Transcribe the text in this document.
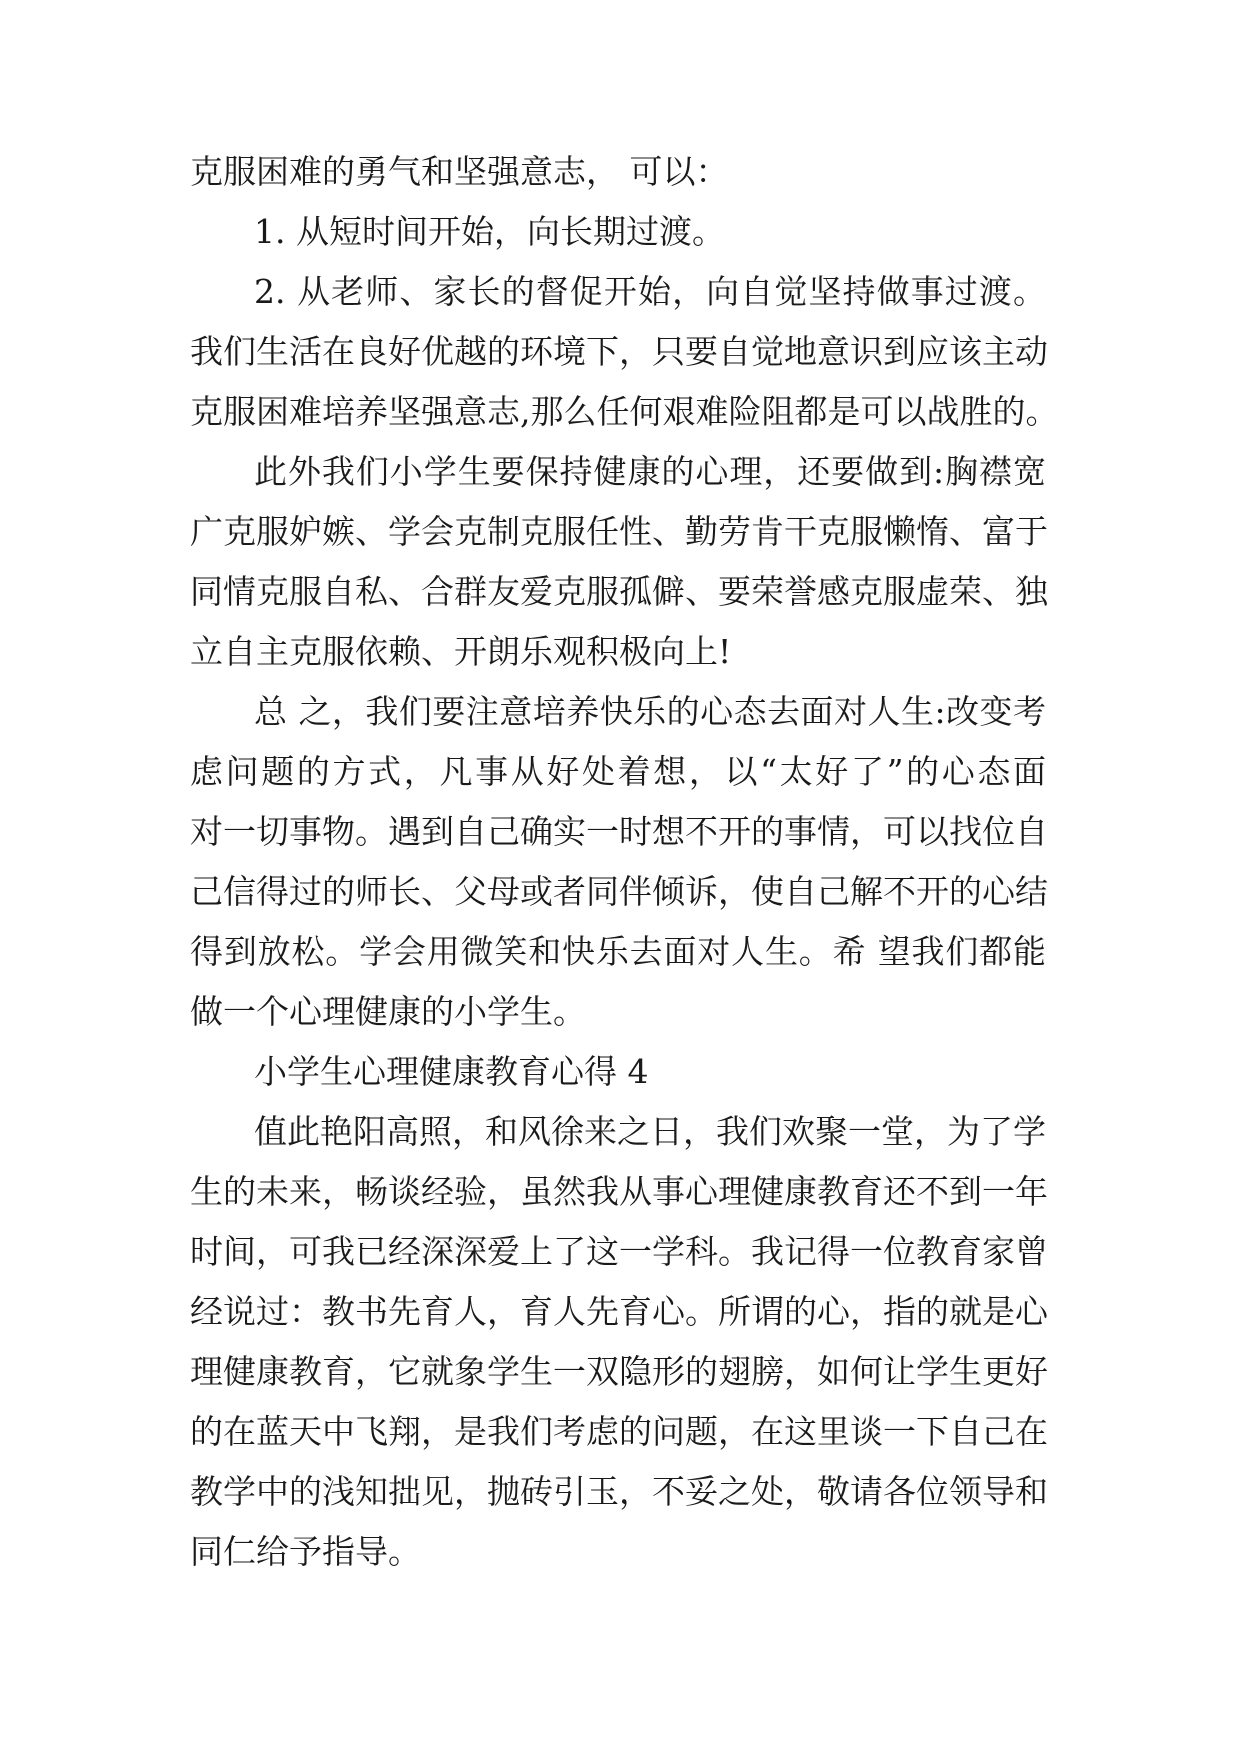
克服困难的勇气和坚强意志， 可以：

1. 从短时间开始，向长期过渡。

2. 从老师、家长的督促开始，向自觉坚持做事过渡。

我们生活在良好优越的环境下，只要自觉地意识到应该主动

克服困难培养坚强意志,那么任何艰难险阻都是可以战胜的。

此外我们小学生要保持健康的心理，还要做到:胸襟宽

广克服妒嫉、学会克制克服任性、勤劳肯干克服懒惰、富于

同情克服自私、合群友爱克服孤僻、要荣誉感克服虚荣、独

立自主克服依赖、开朗乐观积极向上!

总 之，我们要注意培养快乐的心态去面对人生:改变考

虑问题的方式，凡事从好处着想，以“太好了”的心态面

对一切事物。遇到自己确实一时想不开的事情，可以找位自

己信得过的师长、父母或者同伴倾诉，使自己解不开的心结

得到放松。学会用微笑和快乐去面对人生。希 望我们都能

做一个心理健康的小学生。

小学生心理健康教育心得 4

值此艳阳高照，和风徐来之日，我们欢聚一堂，为了学

生的未来，畅谈经验，虽然我从事心理健康教育还不到一年

时间，可我已经深深爱上了这一学科。我记得一位教育家曾

经说过：教书先育人，育人先育心。所谓的心，指的就是心

理健康教育，它就象学生一双隐形的翅膀，如何让学生更好

的在蓝天中飞翔，是我们考虑的问题，在这里谈一下自己在

教学中的浅知拙见，抛砖引玉，不妥之处，敬请各位领导和

同仁给予指导。
